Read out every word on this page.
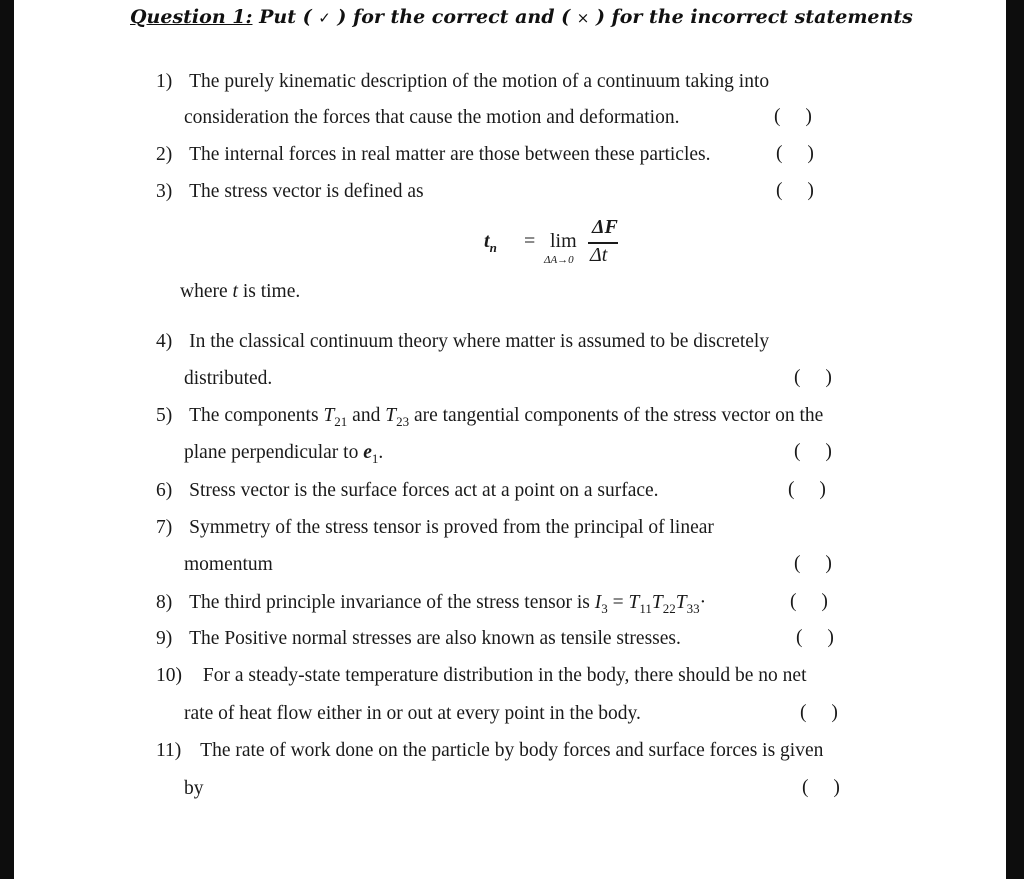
Question 1: Put ( ✓ ) for the correct and ( × ) for the incorrect statements
1) The purely kinematic description of the motion of a continuum taking into
consideration the forces that cause the motion and deformation.	( )
2) The internal forces in real matter are those between these particles.	( )
3) The stress vector is defined as	( )
$t_n = \lim$
ΔA→0
ΔF
Δt
where t is time.
4) In the classical continuum theory where matter is assumed to be discretely
distributed.	( )
5) The components $T_{21}$ and $T_{23}$ are tangential components of the stress vector on the
plane perpendicular to $e_1$.	( )
6) Stress vector is the surface forces act at a point on a surface.	( )
7) Symmetry of the stress tensor is proved from the principal of linear
momentum	( )
8) The third principle invariance of the stress tensor is $I_3 = T_{11}T_{22}T_{33}\cdot$	( )
9) The Positive normal stresses are also known as tensile stresses.	( )
10) For a steady-state temperature distribution in the body, there should be no net
rate of heat flow either in or out at every point in the body.	( )
11) The rate of work done on the particle by body forces and surface forces is given
by	( )
